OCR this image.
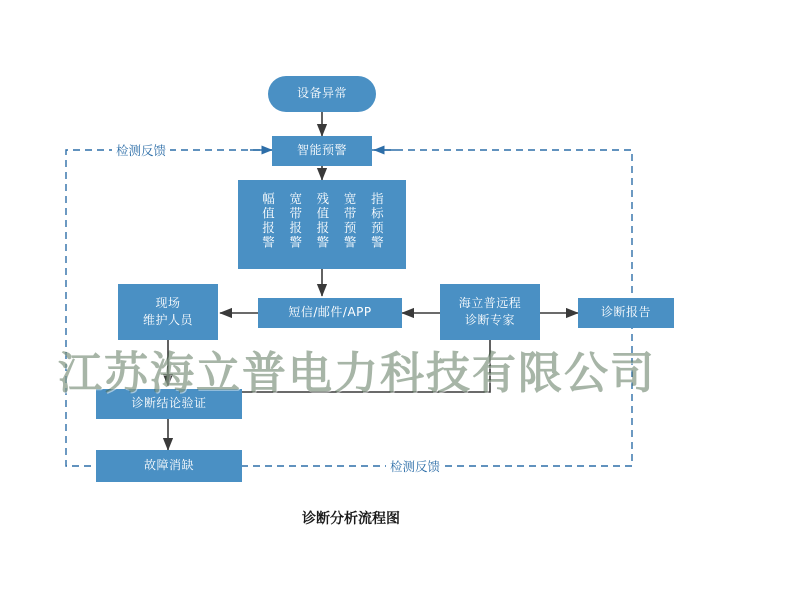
设备异常
智能预警
幅值报警 宽带报警 残值报警 宽带预警 指标预警
现场
维护人员
短信/邮件/APP
海立普远程
诊断专家
诊断报告
诊断结论验证
故障消缺
检测反馈
检测反馈
江苏海立普电力科技有限公司
诊断分析流程图
